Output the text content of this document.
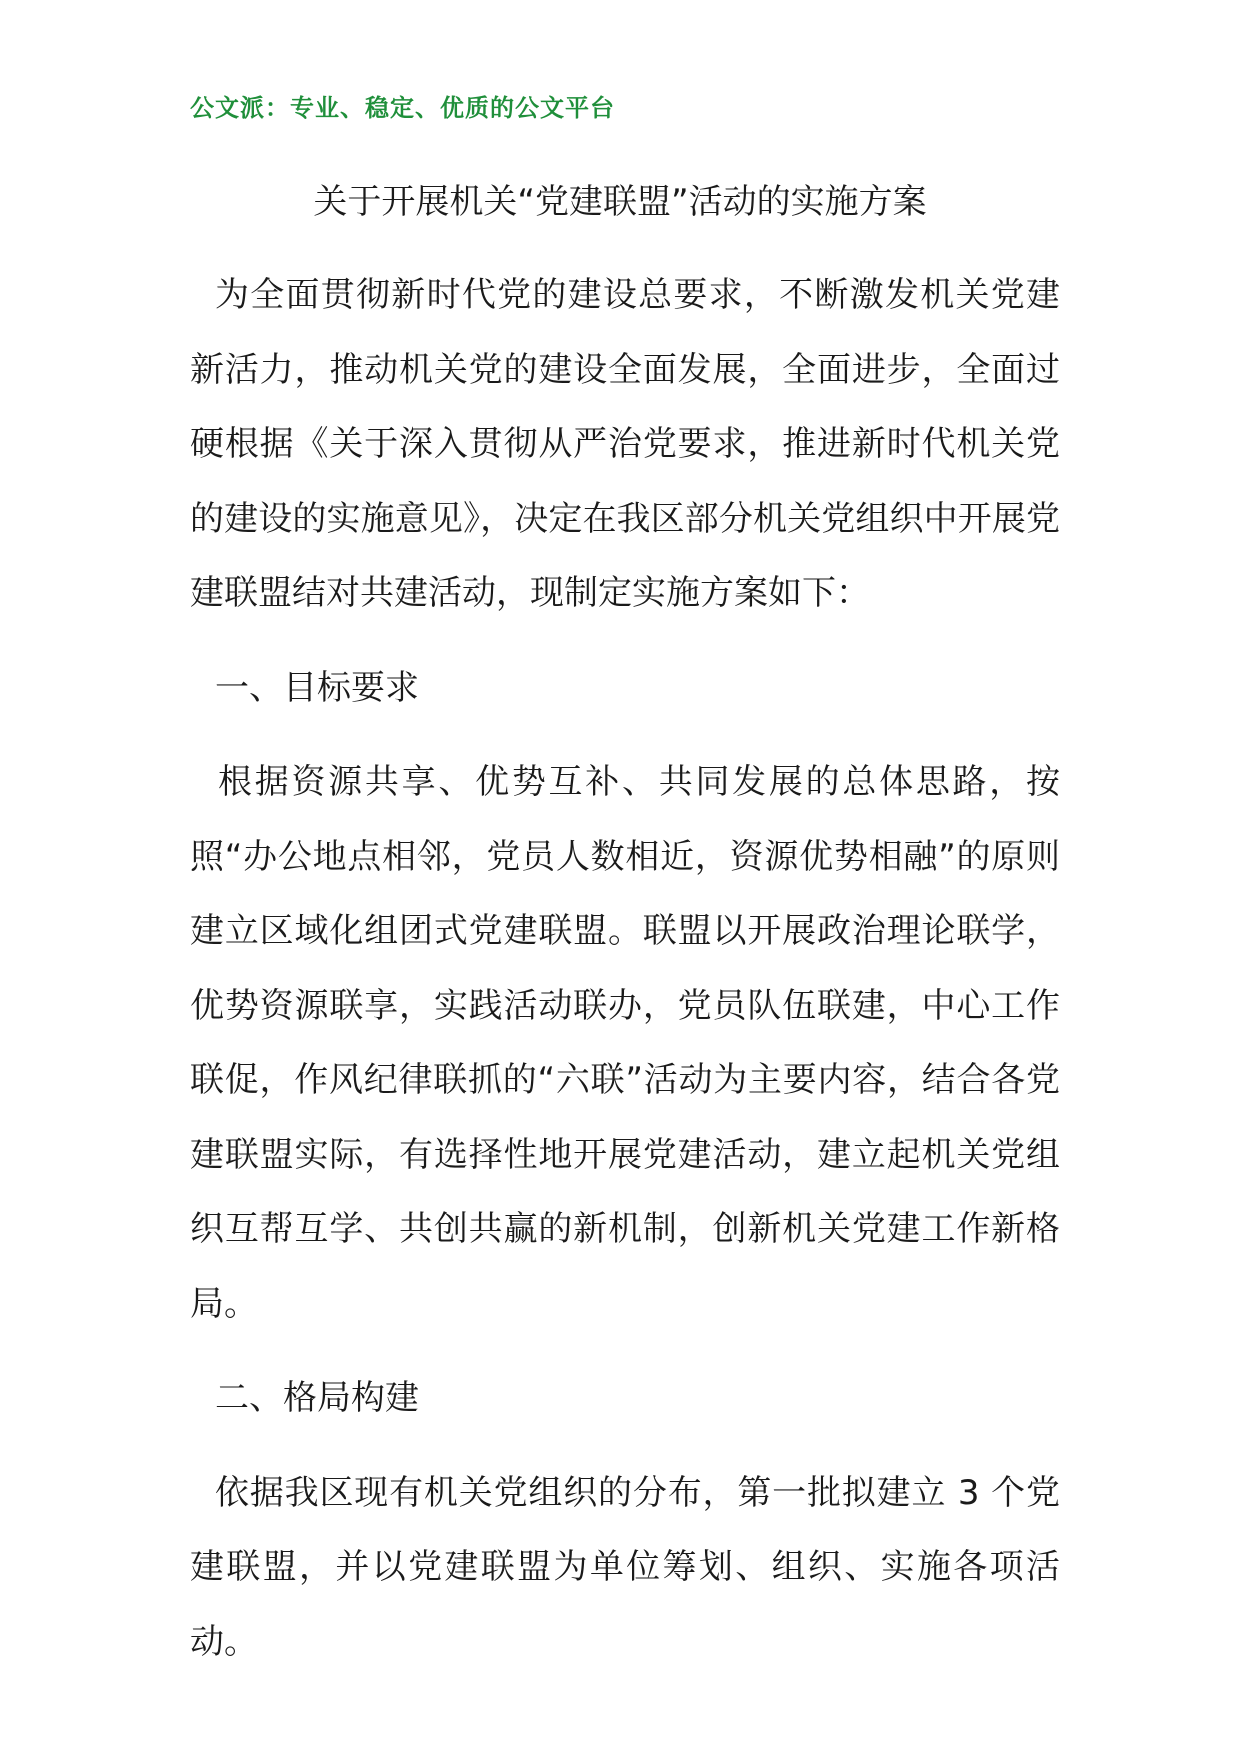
公文派：专业、稳定、优质的公文平台
关于开展机关“党建联盟”活动的实施方案

为全面贯彻新时代党的建设总要求，不断激发机关党建新活力，推动机关党的建设全面发展，全面进步，全面过硬根据《关于深入贯彻从严治党要求，推进新时代机关党的建设的实施意见》，决定在我区部分机关党组织中开展党建联盟结对共建活动，现制定实施方案如下：

一、目标要求

根据资源共享、优势互补、共同发展的总体思路，按照“办公地点相邻，党员人数相近，资源优势相融”的原则建立区域化组团式党建联盟。联盟以开展政治理论联学，优势资源联享，实践活动联办，党员队伍联建，中心工作联促，作风纪律联抓的“六联”活动为主要内容，结合各党建联盟实际，有选择性地开展党建活动，建立起机关党组织互帮互学、共创共赢的新机制，创新机关党建工作新格局。

二、格局构建

依据我区现有机关党组织的分布，第一批拟建立 3 个党建联盟，并以党建联盟为单位筹划、组织、实施各项活动。
